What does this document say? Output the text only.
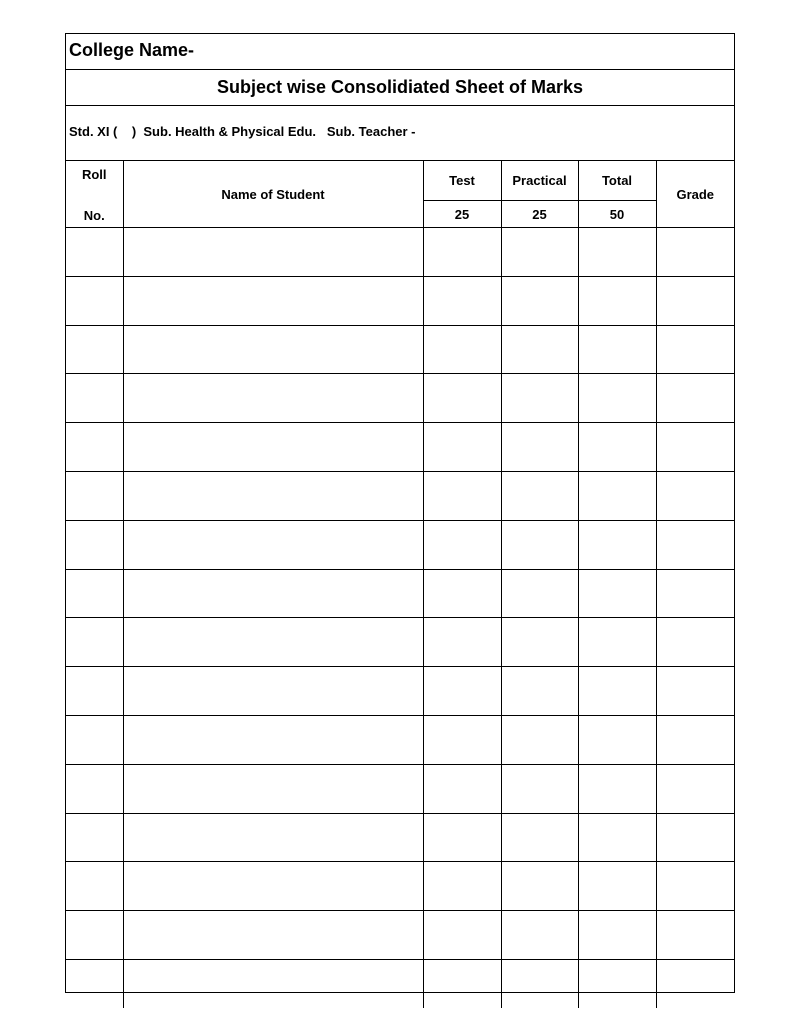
College Name-
Subject wise Consolidiated Sheet of Marks
Std. XI (    )  Sub. Health & Physical Edu.   Sub. Teacher -
Roll
No.	Name of Student	Test	Practical	Total	Grade
		25	25	50	
